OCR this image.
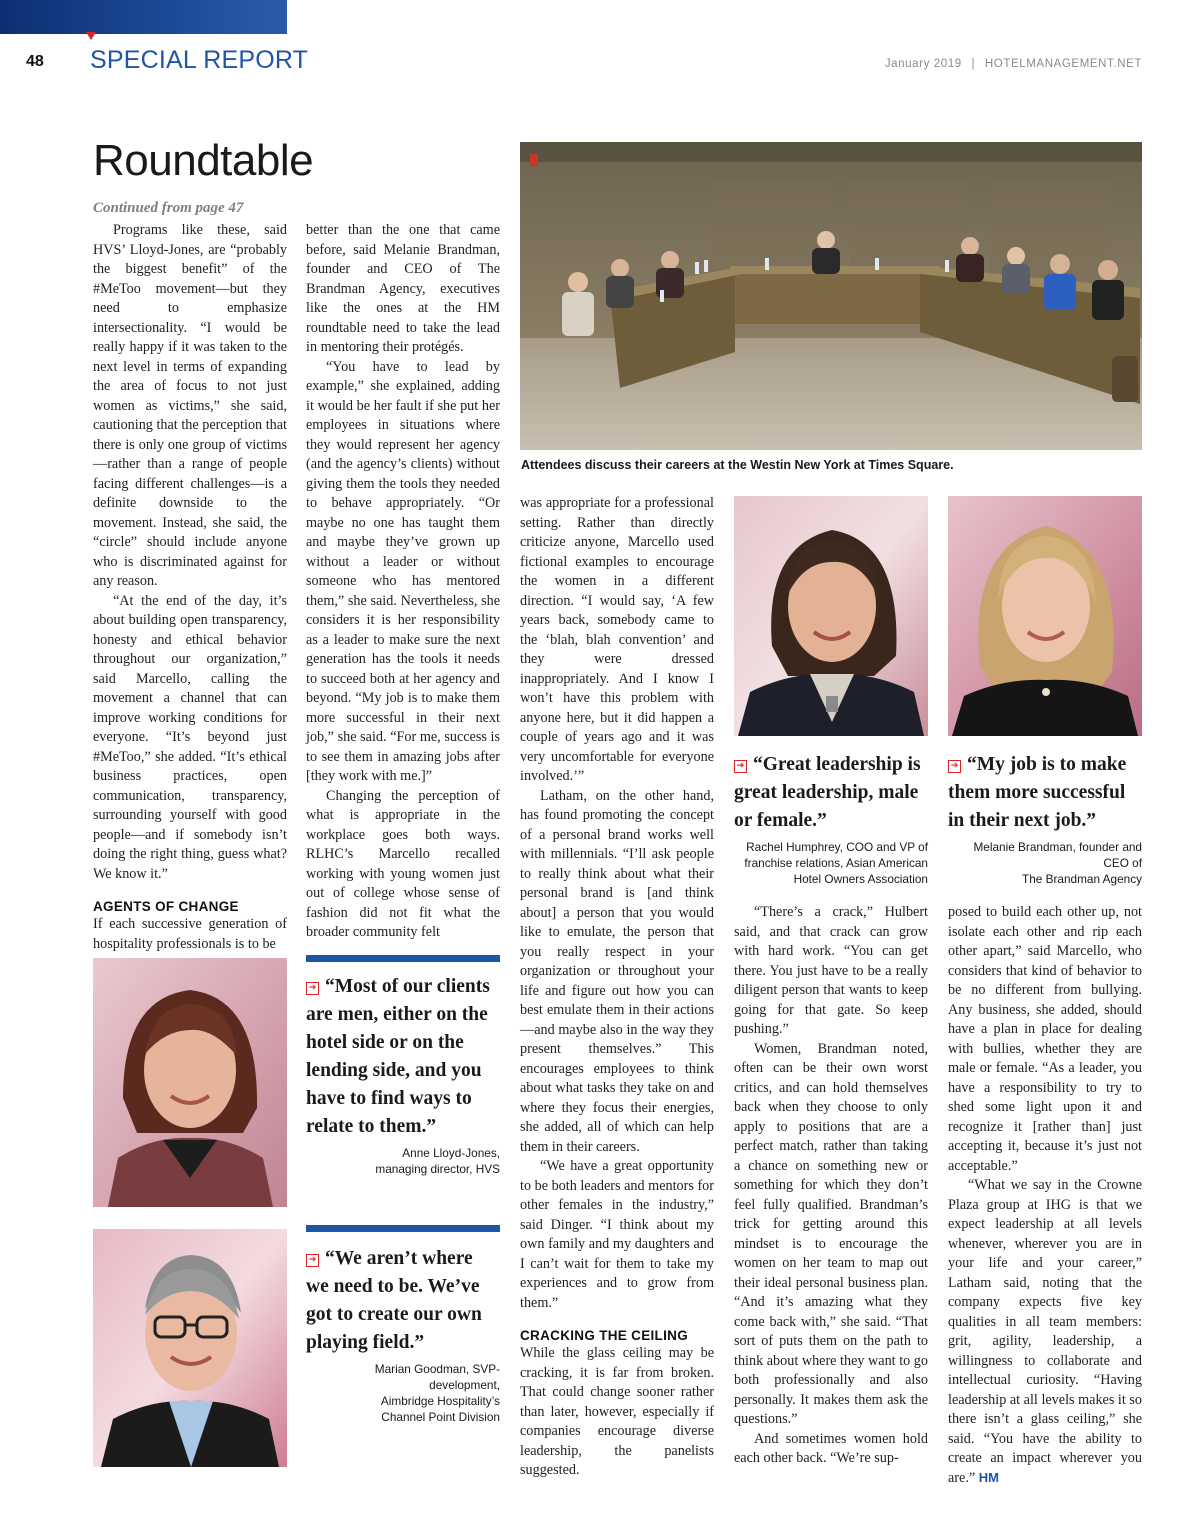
48 SPECIAL REPORT	January 2019 | HOTELMANAGEMENT.NET
Roundtable
Continued from page 47

Programs like these, said HVS’ Lloyd-Jones, are “probably the biggest benefit” of the #MeToo movement—but they need to emphasize intersectionality. “I would be really happy if it was taken to the next level in terms of expanding the area of focus to not just women as victims,” she said, cautioning that the perception that there is only one group of victims—rather than a range of people facing different challenges—is a definite downside to the movement. Instead, she said, the “circle” should include anyone who is discriminated against for any reason.

“At the end of the day, it’s about building open transparency, honesty and ethical behavior throughout our organization,” said Marcello, calling the movement a channel that can improve working conditions for everyone. “It’s beyond just #MeToo,” she added. “It’s ethical business practices, open communication, transparency, surrounding yourself with good people—and if somebody isn’t doing the right thing, guess what? We know it.”

AGENTS OF CHANGE

If each successive generation of hospitality professionals is to be

better than the one that came before, said Melanie Brandman, founder and CEO of The Brandman Agency, executives like the ones at the HM roundtable need to take the lead in mentoring their protégés.

“You have to lead by example,” she explained, adding it would be her fault if she put her employees in situations where they would represent her agency (and the agency’s clients) without giving them the tools they needed to behave appropriately. “Or maybe no one has taught them and maybe they’ve grown up without a leader or without someone who has mentored them,” she said. Nevertheless, she considers it is her responsibility as a leader to make sure the next generation has the tools it needs to succeed both at her agency and beyond. “My job is to make them more successful in their next job,” she said. “For me, success is to see them in amazing jobs after [they work with me.]”

Changing the perception of what is appropriate in the workplace goes both ways. RLHC’s Marcello recalled working with young women just out of college whose sense of fashion did not fit what the broader community felt

➔ “Most of our clients are men, either on the hotel side or on the lending side, and you have to find ways to relate to them.”
Anne Lloyd-Jones,
managing director, HVS
➔ “We aren’t where we need to be. We’ve got to create our own playing field.”
Marian Goodman, SVP-development,
Aimbridge Hospitality’s
Channel Point Division
Attendees discuss their careers at the Westin New York at Times Square.

was appropriate for a professional setting. Rather than directly criticize anyone, Marcello used fictional examples to encourage the women in a different direction. “I would say, ‘A few years back, somebody came to the ‘blah, blah convention’ and they were dressed inappropriately. And I know I won’t have this problem with anyone here, but it did happen a couple of years ago and it was very uncomfortable for everyone involved.’”

Latham, on the other hand, has found promoting the concept of a personal brand works well with millennials. “I’ll ask people to really think about what their personal brand is [and think about] a person that you would like to emulate, the person that you really respect in your organization or throughout your life and figure out how you can best emulate them in their actions—and maybe also in the way they present themselves.” This encourages employees to think about what tasks they take on and where they focus their energies, she added, all of which can help them in their careers.

“We have a great opportunity to be both leaders and mentors for other females in the industry,” said Dinger. “I think about my own family and my daughters and I can’t wait for them to take my experiences and to grow from them.”

CRACKING THE CEILING

While the glass ceiling may be cracking, it is far from broken. That could change sooner rather than later, however, especially if companies encourage diverse leadership, the panelists suggested.

➔ “Great leadership is great leadership, male or female.”
Rachel Humphrey, COO and VP of
franchise relations, Asian American
Hotel Owners Association

“There’s a crack,” Hulbert said, and that crack can grow with hard work. “You can get there. You just have to be a really diligent person that wants to keep going for that gate. So keep pushing.”

Women, Brandman noted, often can be their own worst critics, and can hold themselves back when they choose to only apply to positions that are a perfect match, rather than taking a chance on something new or something for which they don’t feel fully qualified. Brandman’s trick for getting around this mindset is to encourage the women on her team to map out their ideal personal business plan. “And it’s amazing what they come back with,” she said. “That sort of puts them on the path to think about where they want to go both professionally and also personally. It makes them ask the questions.”

And sometimes women hold each other back. “We’re sup-

➔ “My job is to make them more successful in their next job.”
Melanie Brandman, founder and CEO of
The Brandman Agency

posed to build each other up, not isolate each other and rip each other apart,” said Marcello, who considers that kind of behavior to be no different from bullying. Any business, she added, should have a plan in place for dealing with bullies, whether they are male or female. “As a leader, you have a responsibility to try to shed some light upon it and recognize it [rather than] just accepting it, because it’s just not acceptable.”

“What we say in the Crowne Plaza group at IHG is that we expect leadership at all levels whenever, wherever you are in your life and your career,” Latham said, noting that the company expects five key qualities in all team members: grit, agility, leadership, a willingness to collaborate and intellectual curiosity. “Having leadership at all levels makes it so there isn’t a glass ceiling,” she said. “You have the ability to create an impact wherever you are.” HM
